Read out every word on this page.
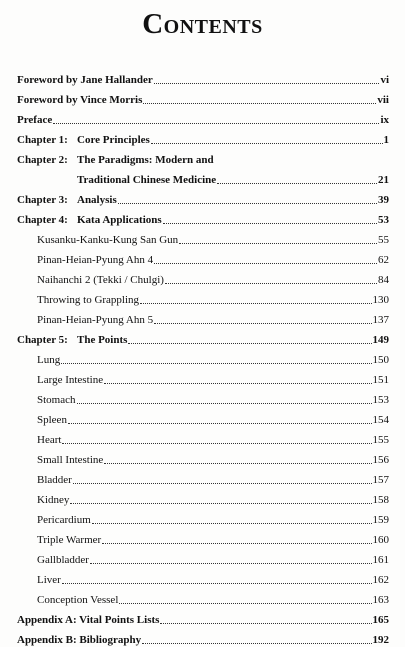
Contents
Foreword by Jane Hallander	vi
Foreword by Vince Morris	vii
Preface	ix
Chapter 1: Core Principles	1
Chapter 2: The Paradigms: Modern and
Traditional Chinese Medicine	21
Chapter 3: Analysis	39
Chapter 4: Kata Applications	53
Kusanku-Kanku-Kung San Gun	55
Pinan-Heian-Pyung Ahn 4	62
Naihanchi 2 (Tekki / Chulgi)	84
Throwing to Grappling	130
Pinan-Heian-Pyung Ahn 5	137
Chapter 5: The Points	149
Lung	150
Large Intestine	151
Stomach	153
Spleen	154
Heart	155
Small Intestine	156
Bladder	157
Kidney	158
Pericardium	159
Triple Warmer	160
Gallbladder	161
Liver	162
Conception Vessel	163
Appendix A: Vital Points Lists	165
Appendix B: Bibliography	192
